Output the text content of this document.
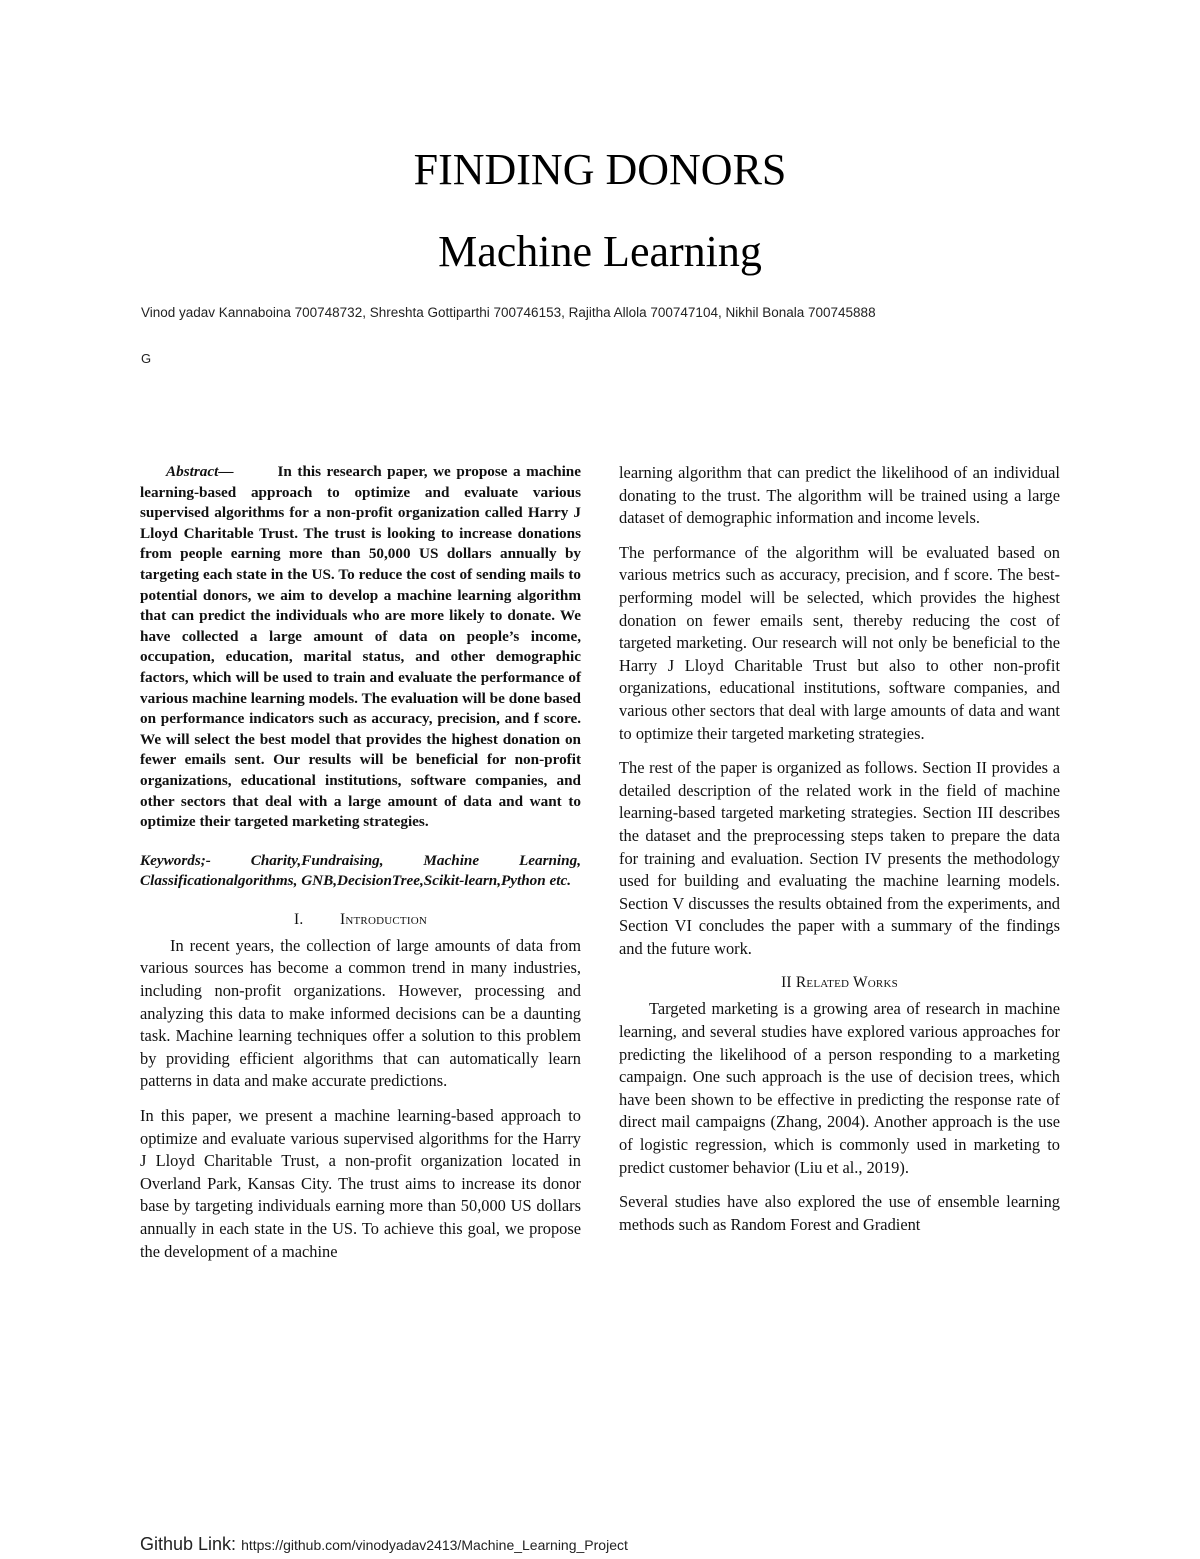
FINDING DONORS
Machine Learning
Vinod yadav Kannaboina 700748732, Shreshta Gottiparthi 700746153, Rajitha Allola 700747104, Nikhil Bonala 700745888
G

Abstract—	In this research paper, we propose a machine learning-based approach to optimize and evaluate various supervised algorithms for a non-profit organization called Harry J Lloyd Charitable Trust. The trust is looking to increase donations from people earning more than 50,000 US dollars annually by targeting each state in the US. To reduce the cost of sending mails to potential donors, we aim to develop a machine learning algorithm that can predict the individuals who are more likely to donate. We have collected a large amount of data on people’s income, occupation, education, marital status, and other demographic factors, which will be used to train and evaluate the performance of various machine learning models. The evaluation will be done based on performance indicators such as accuracy, precision, and f score. We will select the best model that provides the highest donation on fewer emails sent. Our results will be beneficial for non-profit organizations, educational institutions, software companies, and other sectors that deal with a large amount of data and want to optimize their targeted marketing strategies.

Keywords;- Charity,Fundraising, Machine Learning, Classificationalgorithms, GNB,DecisionTree,Scikit-learn,Python etc.

I. Introduction

In recent years, the collection of large amounts of data from various sources has become a common trend in many industries, including non-profit organizations. However, processing and analyzing this data to make informed decisions can be a daunting task. Machine learning techniques offer a solution to this problem by providing efficient algorithms that can automatically learn patterns in data and make accurate predictions.

In this paper, we present a machine learning-based approach to optimize and evaluate various supervised algorithms for the Harry J Lloyd Charitable Trust, a non-profit organization located in Overland Park, Kansas City. The trust aims to increase its donor base by targeting individuals earning more than 50,000 US dollars annually in each state in the US. To achieve this goal, we propose the development of a machine

learning algorithm that can predict the likelihood of an individual donating to the trust. The algorithm will be trained using a large dataset of demographic information and income levels.

The performance of the algorithm will be evaluated based on various metrics such as accuracy, precision, and f score. The best-performing model will be selected, which provides the highest donation on fewer emails sent, thereby reducing the cost of targeted marketing. Our research will not only be beneficial to the Harry J Lloyd Charitable Trust but also to other non-profit organizations, educational institutions, software companies, and various other sectors that deal with large amounts of data and want to optimize their targeted marketing strategies.

The rest of the paper is organized as follows. Section II provides a detailed description of the related work in the field of machine learning-based targeted marketing strategies. Section III describes the dataset and the preprocessing steps taken to prepare the data for training and evaluation. Section IV presents the methodology used for building and evaluating the machine learning models. Section V discusses the results obtained from the experiments, and Section VI concludes the paper with a summary of the findings and the future work.

II Related Works

Targeted marketing is a growing area of research in machine learning, and several studies have explored various approaches for predicting the likelihood of a person responding to a marketing campaign. One such approach is the use of decision trees, which have been shown to be effective in predicting the response rate of direct mail campaigns (Zhang, 2004). Another approach is the use of logistic regression, which is commonly used in marketing to predict customer behavior (Liu et al., 2019).

Several studies have also explored the use of ensemble learning methods such as Random Forest and Gradient

Github Link: https://github.com/vinodyadav2413/Machine_Learning_Project
